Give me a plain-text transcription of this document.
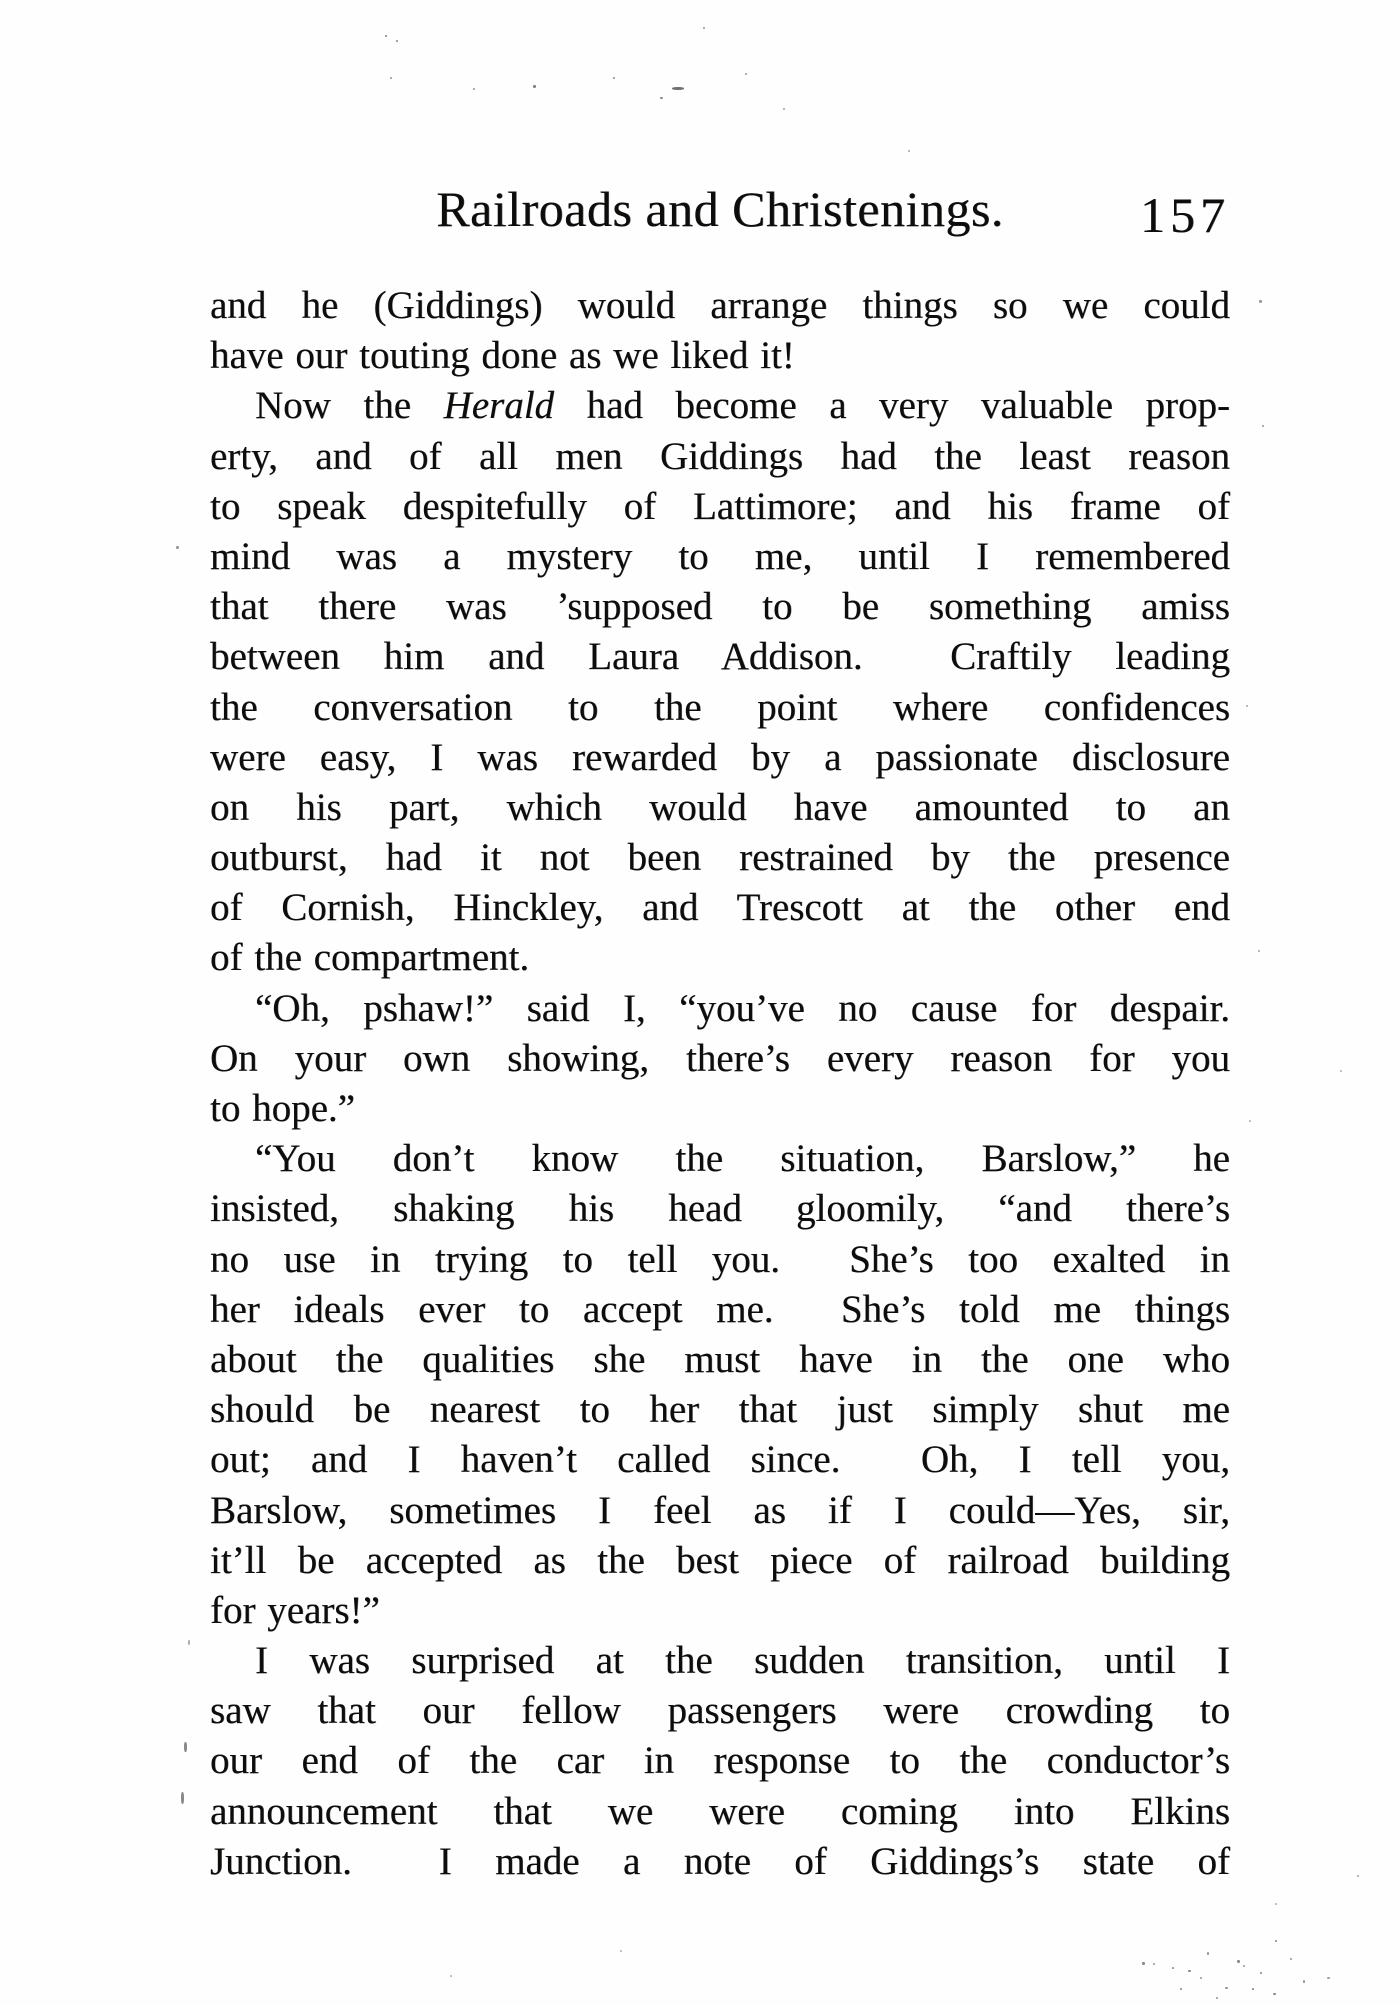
Railroads and Christenings.	157
and he (Giddings) would arrange things so we could
have our touting done as we liked it!
Now the Herald had become a very valuable prop-
erty, and of all men Giddings had the least reason
to speak despitefully of Lattimore; and his frame of
mind was a mystery to me, until I remembered
that there was ’supposed to be something amiss
between him and Laura Addison.  Craftily leading
the conversation to the point where confidences
were easy, I was rewarded by a passionate disclosure
on his part, which would have amounted to an
outburst, had it not been restrained by the presence
of Cornish, Hinckley, and Trescott at the other end
of the compartment.
“Oh, pshaw!” said I, “you’ve no cause for despair.
On your own showing, there’s every reason for you
to hope.”
“You don’t know the situation, Barslow,” he
insisted, shaking his head gloomily, “and there’s
no use in trying to tell you.  She’s too exalted in
her ideals ever to accept me.  She’s told me things
about the qualities she must have in the one who
should be nearest to her that just simply shut me
out; and I haven’t called since.  Oh, I tell you,
Barslow, sometimes I feel as if I could—Yes, sir,
it’ll be accepted as the best piece of railroad building
for years!”
I was surprised at the sudden transition, until I
saw that our fellow passengers were crowding to
our end of the car in response to the conductor’s
announcement that we were coming into Elkins
Junction.  I made a note of Giddings’s state of
